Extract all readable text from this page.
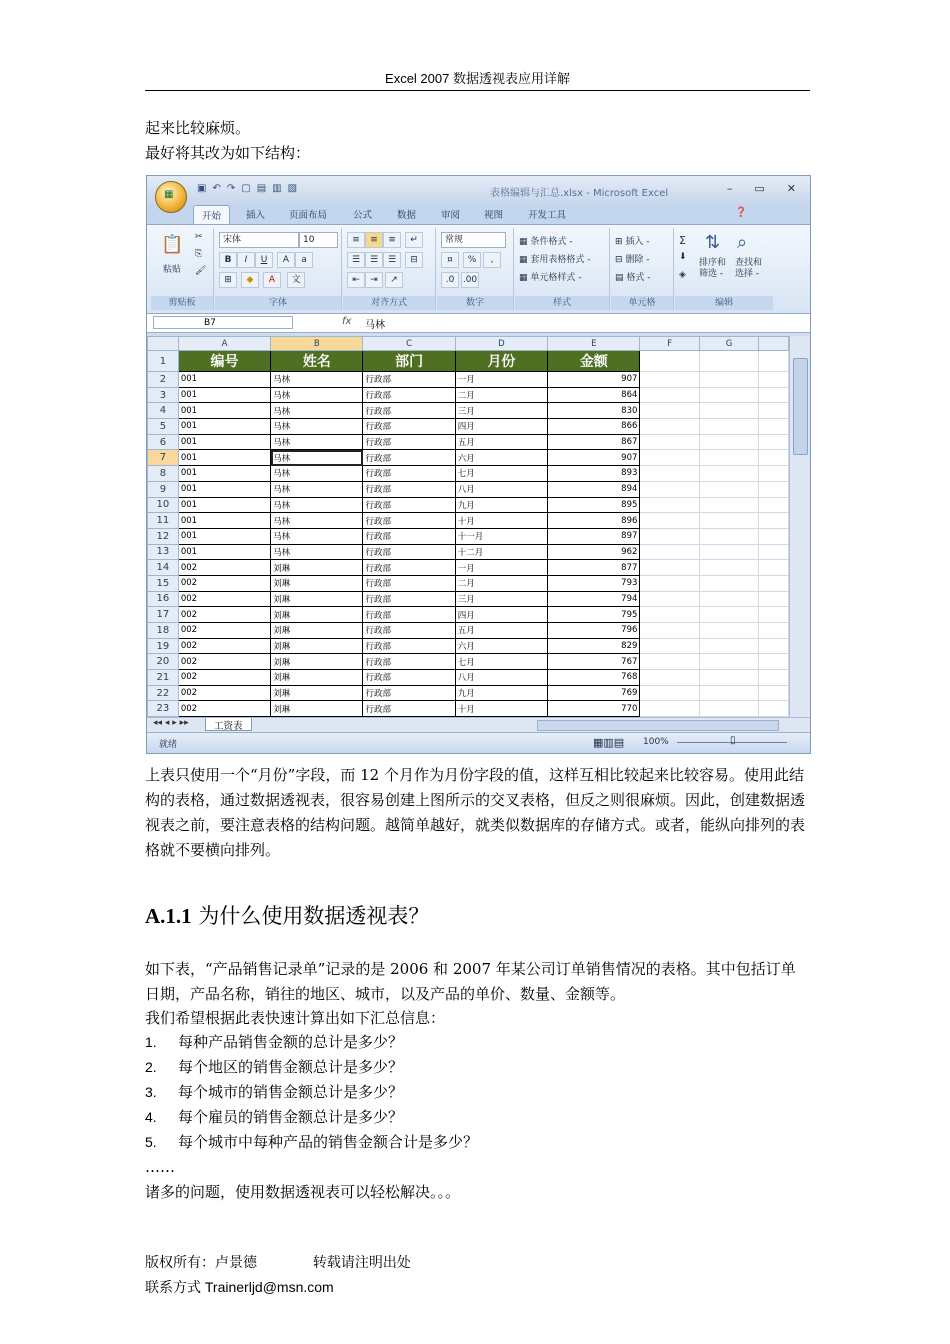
Excel 2007 数据透视表应用详解

起来比较麻烦。

最好将其改为如下结构：

▦
▣ ↶ ↷ ▢ ▤ ▥ ▧	表格编辑与汇总.xlsx - Microsoft Excel	– ▭ ✕
开始	插入	页面布局	公式	数据	审阅	视图	开发工具	❓
📋
粘贴
✂
⎘
🖌
剪贴板
宋体	10
B	I	U	A	a
⊞	◆	A	文
字体
≡	≡	≡	↵
☰	☰	☰	⊟
⇤	⇥	↗
对齐方式
常规
¤	%	,
.0 .00
数字
▦ 条件格式 -
▦ 套用表格格式 -
▦ 单元格样式 -
样式
⊞ 插入 -
⊟ 删除 -
▤ 格式 -
单元格
Σ
⬇
◈
⇅ ⌕
排序和筛选 -
查找和选择 -
编辑
B7	fx 马林
	A	B	C	D	E	F	G	
1	编号	姓名	部门	月份	金额			
2	001	马林	行政部	一月	907			
3	001	马林	行政部	二月	864			
4	001	马林	行政部	三月	830			
5	001	马林	行政部	四月	866			
6	001	马林	行政部	五月	867			
7	001	马林	行政部	六月	907			
8	001	马林	行政部	七月	893			
9	001	马林	行政部	八月	894			
10	001	马林	行政部	九月	895			
11	001	马林	行政部	十月	896			
12	001	马林	行政部	十一月	897			
13	001	马林	行政部	十二月	962			
14	002	刘琳	行政部	一月	877			
15	002	刘琳	行政部	二月	793			
16	002	刘琳	行政部	三月	794			
17	002	刘琳	行政部	四月	795			
18	002	刘琳	行政部	五月	796			
19	002	刘琳	行政部	六月	829			
20	002	刘琳	行政部	七月	767			
21	002	刘琳	行政部	八月	768			
22	002	刘琳	行政部	九月	769			
23	002	刘琳	行政部	十月	770			
◂◂ ◂ ▸ ▸▸	工资表
就绪	▦▥▤ 100%	▯

上表只使用一个“月份”字段，而 12 个月作为月份字段的值，这样互相比较起来比较容易。使用此结构的表格，通过数据透视表，很容易创建上图所示的交叉表格，但反之则很麻烦。因此，创建数据透视表之前，要注意表格的结构问题。越简单越好，就类似数据库的存储方式。或者，能纵向排列的表格就不要横向排列。

A.1.1 为什么使用数据透视表？

如下表，“产品销售记录单”记录的是 2006 和 2007 年某公司订单销售情况的表格。其中包括订单日期，产品名称，销往的地区、城市，以及产品的单价、数量、金额等。

我们希望根据此表快速计算出如下汇总信息：

1.	每种产品销售金额的总计是多少？
2.	每个地区的销售金额总计是多少？
3.	每个城市的销售金额总计是多少？
4.	每个雇员的销售金额总计是多少？
5.	每个城市中每种产品的销售金额合计是多少？

……

诸多的问题，使用数据透视表可以轻松解决。。。

版权所有：卢景德	转载请注明出处
联系方式 Trainerljd@msn.com
